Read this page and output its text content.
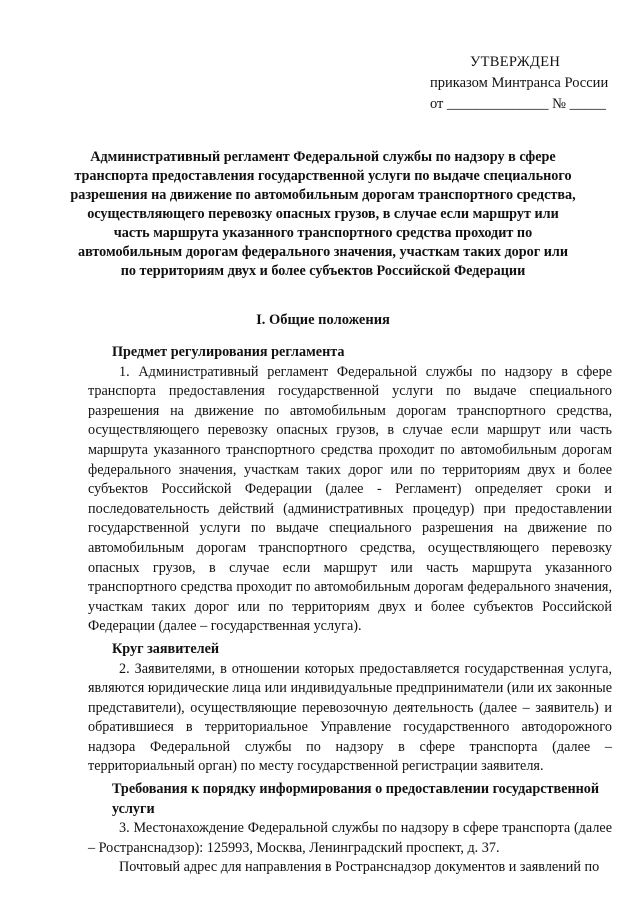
УТВЕРЖДЕН
приказом Минтранса России
от ______________ № _____
Административный регламент Федеральной службы по надзору в сфере транспорта предоставления государственной услуги по выдаче специального разрешения на движение по автомобильным дорогам транспортного средства, осуществляющего перевозку опасных грузов, в случае если маршрут или часть маршрута указанного транспортного средства проходит по автомобильным дорогам федерального значения, участкам таких дорог или по территориям двух и более субъектов Российской Федерации
I. Общие положения
Предмет регулирования регламента

1. Административный регламент Федеральной службы по надзору в сфере транспорта предоставления государственной услуги по выдаче специального разрешения на движение по автомобильным дорогам транспортного средства, осуществляющего перевозку опасных грузов, в случае если маршрут или часть маршрута указанного транспортного средства проходит по автомобильным дорогам федерального значения, участкам таких дорог или по территориям двух и более субъектов Российской Федерации (далее - Регламент) определяет сроки и последовательность действий (административных процедур) при предоставлении государственной услуги по выдаче специального разрешения на движение по автомобильным дорогам транспортного средства, осуществляющего перевозку опасных грузов, в случае если маршрут или часть маршрута указанного транспортного средства проходит по автомобильным дорогам федерального значения, участкам таких дорог или по территориям двух и более субъектов Российской Федерации (далее – государственная услуга).

Круг заявителей

2. Заявителями, в отношении которых предоставляется государственная услуга, являются юридические лица или индивидуальные предприниматели (или их законные представители), осуществляющие перевозочную деятельность (далее – заявитель) и обратившиеся в территориальное Управление государственного автодорожного надзора Федеральной службы по надзору в сфере транспорта (далее – территориальный орган) по месту государственной регистрации заявителя.

Требования к порядку информирования о предоставлении государственной услуги

3. Местонахождение Федеральной службы по надзору в сфере транспорта (далее – Ространснадзор): 125993, Москва, Ленинградский проспект, д. 37.

Почтовый адрес для направления в Ространснадзор документов и заявлений по
